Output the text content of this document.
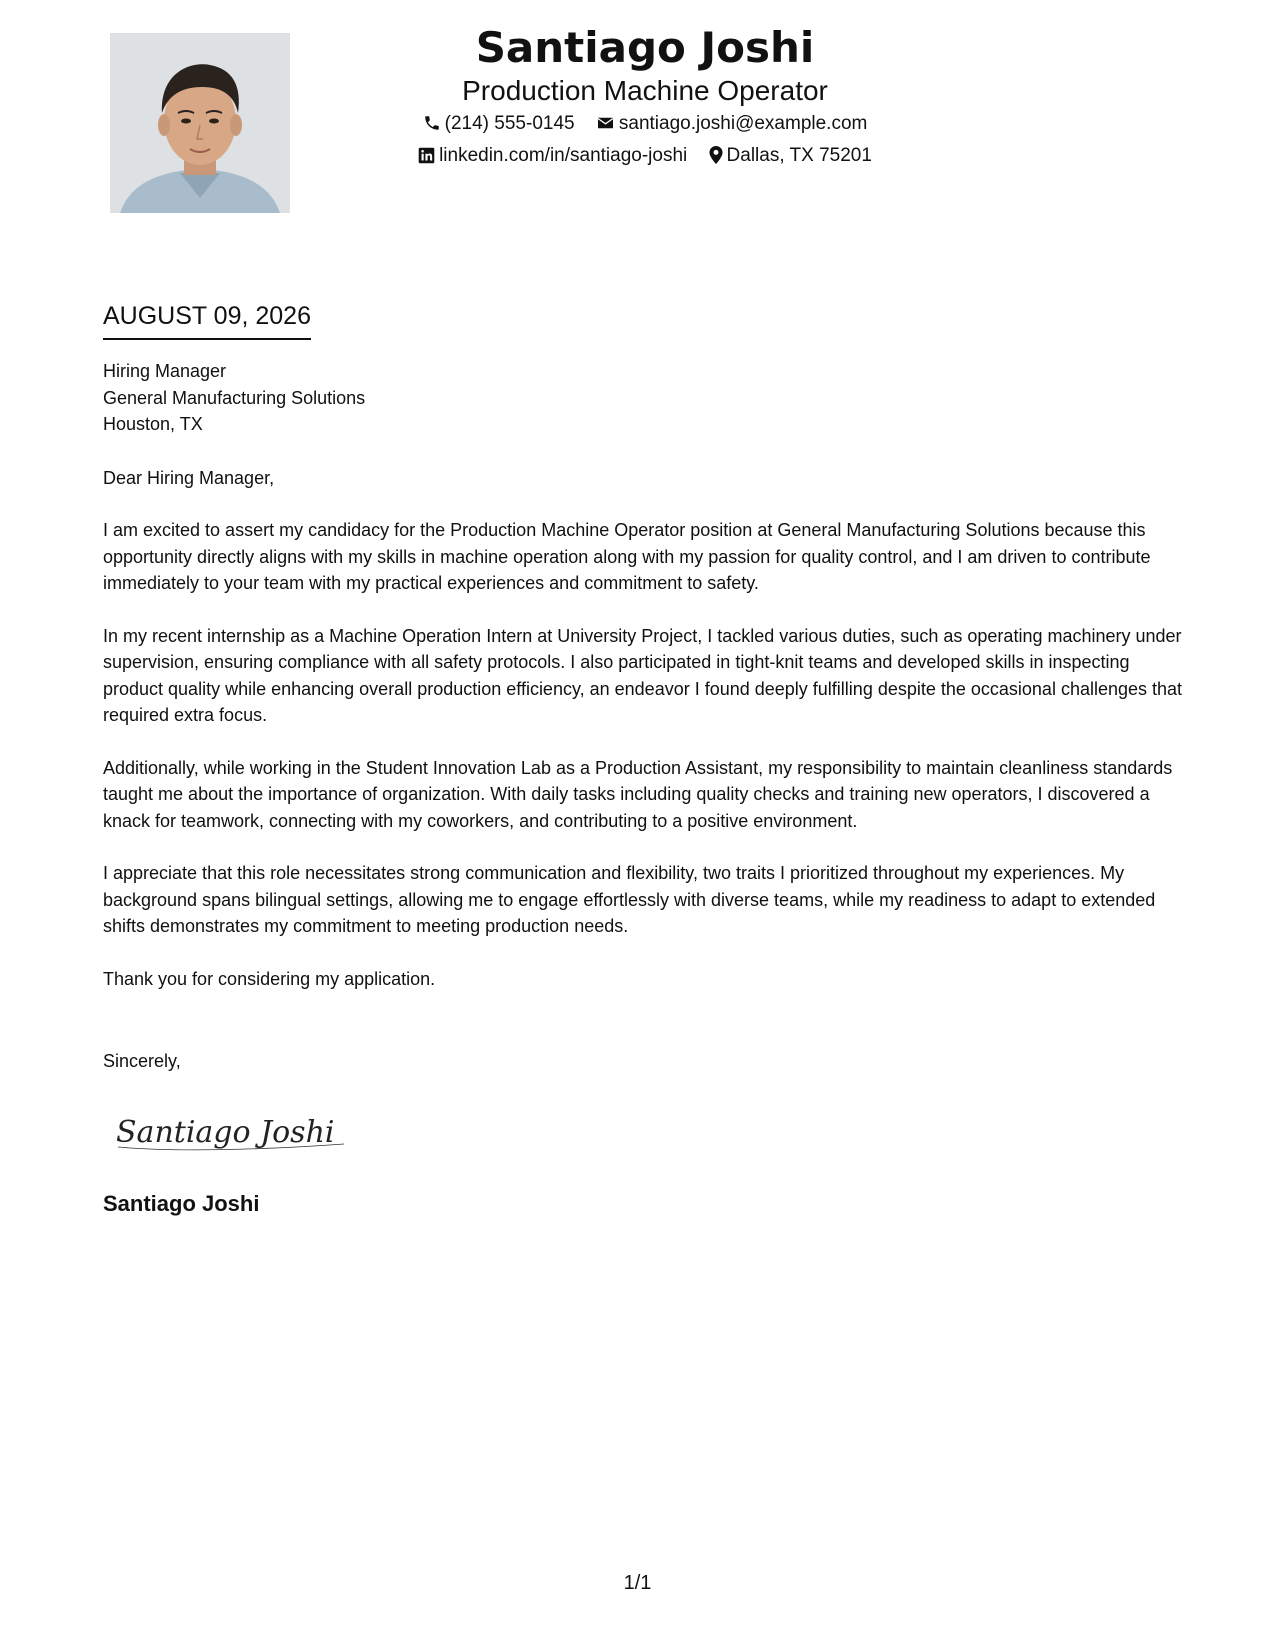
Santiago Joshi
Production Machine Operator
(214) 555-0145 santiago.joshi@example.com
linkedin.com/in/santiago-joshi Dallas, TX 75201
AUGUST 09, 2026
Hiring Manager
General Manufacturing Solutions
Houston, TX
Dear Hiring Manager,
I am excited to assert my candidacy for the Production Machine Operator position at General Manufacturing Solutions because this opportunity directly aligns with my skills in machine operation along with my passion for quality control, and I am driven to contribute immediately to your team with my practical experiences and commitment to safety.
In my recent internship as a Machine Operation Intern at University Project, I tackled various duties, such as operating machinery under supervision, ensuring compliance with all safety protocols. I also participated in tight-knit teams and developed skills in inspecting product quality while enhancing overall production efficiency, an endeavor I found deeply fulfilling despite the occasional challenges that required extra focus.
Additionally, while working in the Student Innovation Lab as a Production Assistant, my responsibility to maintain cleanliness standards taught me about the importance of organization. With daily tasks including quality checks and training new operators, I discovered a knack for teamwork, connecting with my coworkers, and contributing to a positive environment.
I appreciate that this role necessitates strong communication and flexibility, two traits I prioritized throughout my experiences. My background spans bilingual settings, allowing me to engage effortlessly with diverse teams, while my readiness to adapt to extended shifts demonstrates my commitment to meeting production needs.
Thank you for considering my application.
Sincerely,
Santiago Joshi
Santiago Joshi
1/1
